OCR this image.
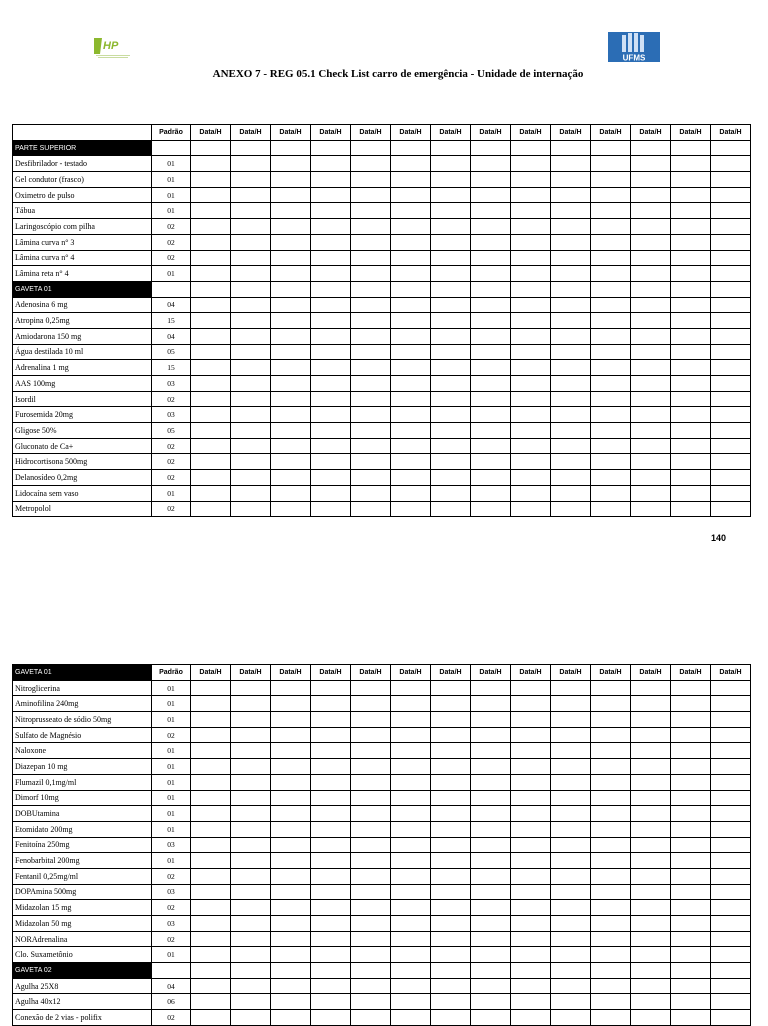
HP
UFMS
ANEXO 7 - REG 05.1 Check List carro de emergência - Unidade de internação
	Padrão	Data/H	Data/H	Data/H	Data/H	Data/H	Data/H	Data/H	Data/H	Data/H	Data/H	Data/H	Data/H	Data/H	Data/H
PARTE SUPERIOR															
Desfibrilador - testado	01														
Gel condutor (frasco)	01														
Oximetro de pulso	01														
Tábua	01														
Laringoscópio com pilha	02														
Lâmina curva n° 3	02														
Lâmina curva n° 4	02														
Lâmina reta n° 4	01														
GAVETA 01															
Adenosina 6 mg	04														
Atropina 0,25mg	15														
Amiodarona 150 mg	04														
Água destilada 10 ml	05														
Adrenalina 1 mg	15														
AAS 100mg	03														
Isordil	02														
Furosemida 20mg	03														
Gligose 50%	05														
Gluconato de Ca+	02														
Hidrocortisona 500mg	02														
Delanosídeo 0,2mg	02														
Lidocaína sem vaso	01														
Metropolol	02														
140
GAVETA 01	Padrão	Data/H	Data/H	Data/H	Data/H	Data/H	Data/H	Data/H	Data/H	Data/H	Data/H	Data/H	Data/H	Data/H	Data/H
Nitroglicerina	01														
Aminofilina 240mg	01														
Nitroprusseato de sódio 50mg	01														
Sulfato de Magnésio	02														
Naloxone	01														
Diazepan 10 mg	01														
Flumazil 0,1mg/ml	01														
Dimorf 10mg	01														
DOBUtamina	01														
Etomidato 200mg	01														
Fenitoína 250mg	03														
Fenobarbital 200mg	01														
Fentanil 0,25mg/ml	02														
DOPAmina 500mg	03														
Midazolan 15 mg	02														
Midazolan 50 mg	03														
NORAdrenalina	02														
Clo. Suxametônio	01														
GAVETA 02															
Agulha 25X8	04														
Agulha 40x12	06														
Conexão de 2 vias - polifix	02														
